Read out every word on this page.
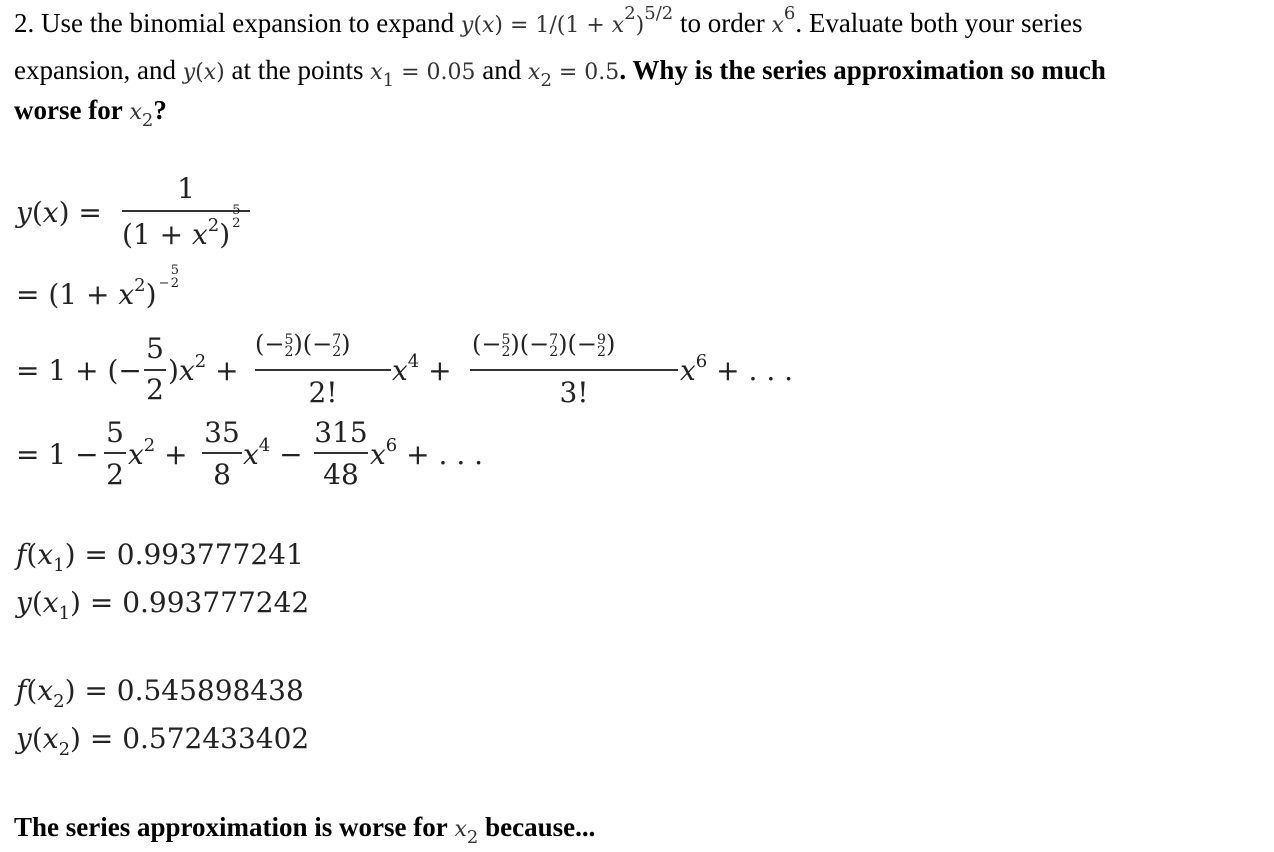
2. Use the binomial expansion to expand $y(x) = 1/(1 + x^2)^{5/2}$ to order $x^6$. Evaluate both your series
expansion, and y(x) at the points $x_1 = 0.05$ and $x_2 = 0.5$. Why is the series approximation so much
worse for $x_2$?
y(x) =
1
$(1 + x^2)5$
2
= $(1 + x^2)$ − 5
2
= 1 + (−
5
2
)$x^2$ +
(−5
2)(−7
2)
2!
$x^4$ +
(−5
2)(−7
2)(−9
2)
3!
$x^6$ + . . .
= 1 −
5
2
$x^2$ +
35
8
$x^4$ −
315
48
$x^6$ + . . .
$f(x_1) = 0.993777241$
$y(x_1) = 0.993777242$
$f(x_2) = 0.545898438$
$y(x_2) = 0.572433402$
The series approximation is worse for $x_2$ because...
